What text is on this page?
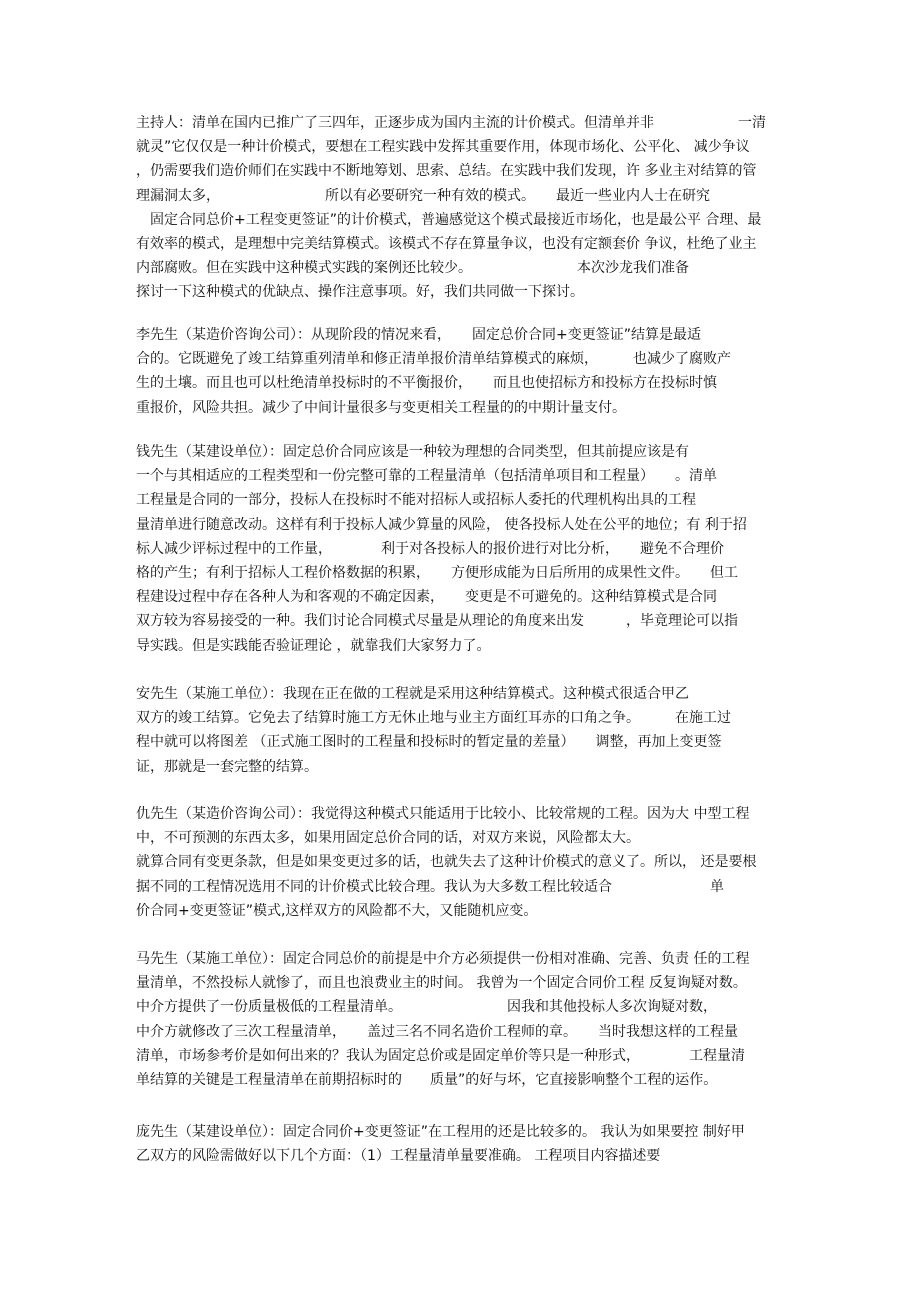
主持人：清单在国内已推广了三四年，正逐步成为国内主流的计价模式。但清单并非　　　　　　一清
就灵”它仅仅是一种计价模式，要想在工程实践中发挥其重要作用，体现市场化、公平化、 减少争议
，仍需要我们造价师们在实践中不断地筹划、思索、总结。在实践中我们发现，许 多业主对结算的管
理漏洞太多，　　　　　　　　所以有必要研究一种有效的模式。　　最近一些业内人士在研究
　固定合同总价+工程变更签证”的计价模式，普遍感觉这个模式最接近市场化，也是最公平 合理、最
有效率的模式，是理想中完美结算模式。该模式不存在算量争议，也没有定额套价 争议，杜绝了业主
内部腐败。但在实践中这种模式实践的案例还比较少。　　　　　　　　本次沙龙我们准备
探讨一下这种模式的优缺点、操作注意事项。好，我们共同做一下探讨。
李先生（某造价咨询公司）：从现阶段的情况来看，　　固定总价合同+变更签证”结算是最适
合的。它既避免了竣工结算重列清单和修正清单报价清单结算模式的麻烦，　　　也减少了腐败产
生的土壤。而且也可以杜绝清单投标时的不平衡报价，　　而且也使招标方和投标方在投标时慎
重报价，风险共担。减少了中间计量很多与变更相关工程量的的中期计量支付。
钱先生（某建设单位）：固定总价合同应该是一种较为理想的合同类型，但其前提应该是有
一个与其相适应的工程类型和一份完整可靠的工程量清单（包括清单项目和工程量）　　。清单
工程量是合同的一部分，投标人在投标时不能对招标人或招标人委托的代理机构出具的工程
量清单进行随意改动。这样有利于投标人减少算量的风险， 使各投标人处在公平的地位；有 利于招
标人减少评标过程中的工作量，　　　　利于对各投标人的报价进行对比分析，　　避免不合理价
格的产生；有利于招标人工程价格数据的积累，　　方便形成能为日后所用的成果性文件。　　但工
程建设过程中存在各种人为和客观的不确定因素，　　变更是不可避免的。这种结算模式是合同
双方较为容易接受的一种。我们讨论合同模式尽量是从理论的角度来出发　　　，毕竟理论可以指
导实践。但是实践能否验证理论 ，就靠我们大家努力了。
安先生（某施工单位）：我现在正在做的工程就是采用这种结算模式。这种模式很适合甲乙
双方的竣工结算。它免去了结算时施工方无休止地与业主方面红耳赤的口角之争。　　　在施工过
程中就可以将图差 （正式施工图时的工程量和投标时的暂定量的差量）　　调整，再加上变更签
证，那就是一套完整的结算。
仇先生（某造价咨询公司）：我觉得这种模式只能适用于比较小、比较常规的工程。因为大 中型工程
中，不可预测的东西太多，如果用固定总价合同的话，对双方来说，风险都太大。
就算合同有变更条款，但是如果变更过多的话，也就失去了这种计价模式的意义了。所以， 还是要根
据不同的工程情况选用不同的计价模式比较合理。我认为大多数工程比较适合　　　　　　　单
价合同+变更签证”模式,这样双方的风险都不大，又能随机应变。
马先生（某施工单位）：固定合同总价的前提是中介方必须提供一份相对准确、完善、负责 任的工程
量清单，不然投标人就惨了，而且也浪费业主的时间。 我曾为一个固定合同价工程 反复询疑对数。
中介方提供了一份质量极低的工程量清单。　　　　　　　　因我和其他投标人多次询疑对数，
中介方就修改了三次工程量清单，　　盖过三名不同名造价工程师的章。　　当时我想这样的工程量
清单，市场参考价是如何出来的？我认为固定总价或是固定单价等只是一种形式，　　　　工程量清
单结算的关键是工程量清单在前期招标时的　　质量”的好与坏，它直接影响整个工程的运作。
庞先生（某建设单位）：固定合同价+变更签证”在工程用的还是比较多的。 我认为如果要控 制好甲
乙双方的风险需做好以下几个方面：（1）工程量清单量要准确。 工程项目内容描述要
